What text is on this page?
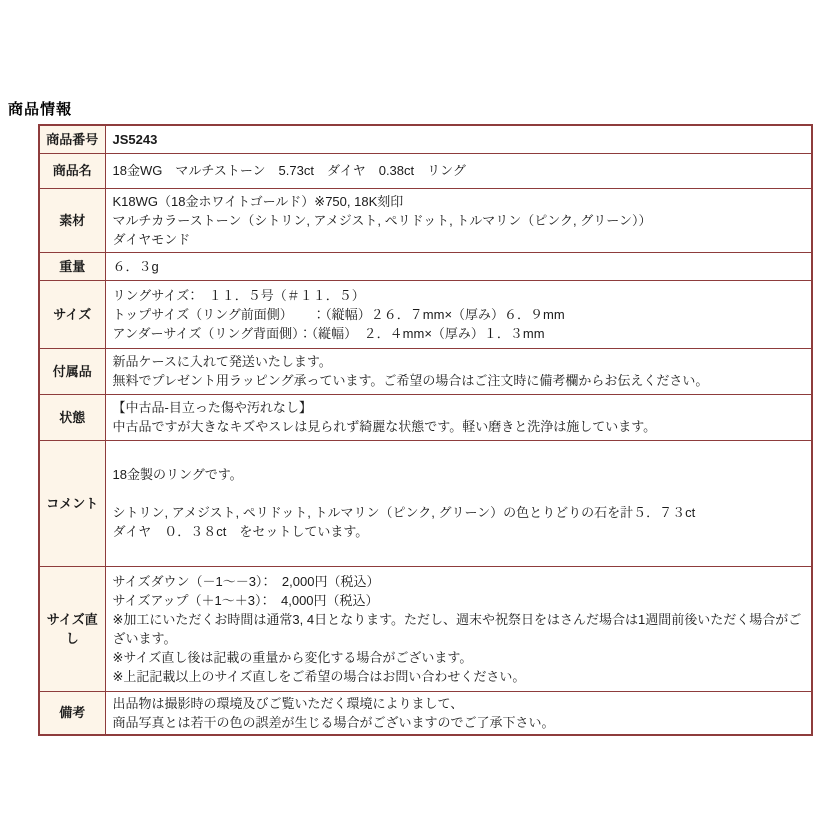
商品情報
商品番号	JS5243
商品名	18金WG　マルチストーン　5.73ct　ダイヤ　0.38ct　リング
素材	K18WG（18金ホワイトゴールド）※750, 18K刻印
マルチカラーストーン（シトリン, アメジスト, ペリドット, トルマリン（ピンク, グリーン））
ダイヤモンド
重量	６．３g
サイズ	リングサイズ：　１１．５号（＃１１．５）
トップサイズ（リング前面側）　　：（縦幅）２６．７mm×（厚み）６．９mm
アンダーサイズ（リング背面側）：（縦幅）　２．４mm×（厚み）１．３mm
付属品	新品ケースに入れて発送いたします。
無料でプレゼント用ラッピング承っています。ご希望の場合はご注文時に備考欄からお伝えください。
状態	【中古品-目立った傷や汚れなし】
中古品ですが大きなキズやスレは見られず綺麗な状態です。軽い磨きと洗浄は施しています。
コメント	18金製のリングです。

シトリン, アメジスト, ペリドット, トルマリン（ピンク, グリーン）の色とりどりの石を計５．７３ct
ダイヤ　０．３８ct　をセットしています。
サイズ直し	サイズダウン（－1～－3）：　2,000円（税込）
サイズアップ（＋1～＋3）：　4,000円（税込）
※加工にいただくお時間は通常3, 4日となります。ただし、週末や祝祭日をはさんだ場合は1週間前後いただく場合がございます。
※サイズ直し後は記載の重量から変化する場合がございます。
※上記記載以上のサイズ直しをご希望の場合はお問い合わせください。
備考	出品物は撮影時の環境及びご覧いただく環境によりまして、
商品写真とは若干の色の誤差が生じる場合がございますのでご了承下さい。
